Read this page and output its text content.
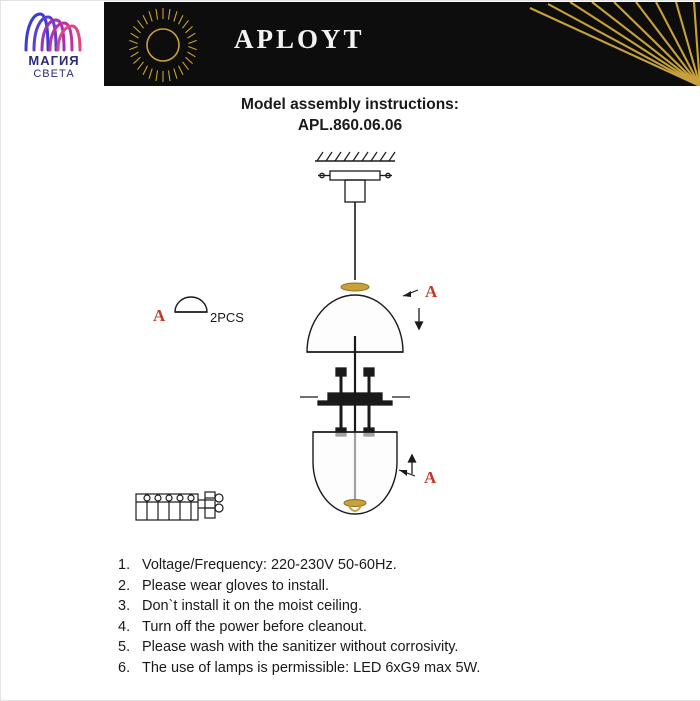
МАГИЯ
СВЕТА
APLOYT
Model assembly instructions:
APL.860.06.06
A	2PCS
A
A
1. Voltage/Frequency: 220-230V 50-60Hz.
2. Please wear gloves to install.
3. Don`t install it on the moist ceiling.
4. Turn off the power before cleanout.
5. Please wash with the sanitizer without corrosivity.
6. The use of lamps is permissible: LED 6xG9 max 5W.
